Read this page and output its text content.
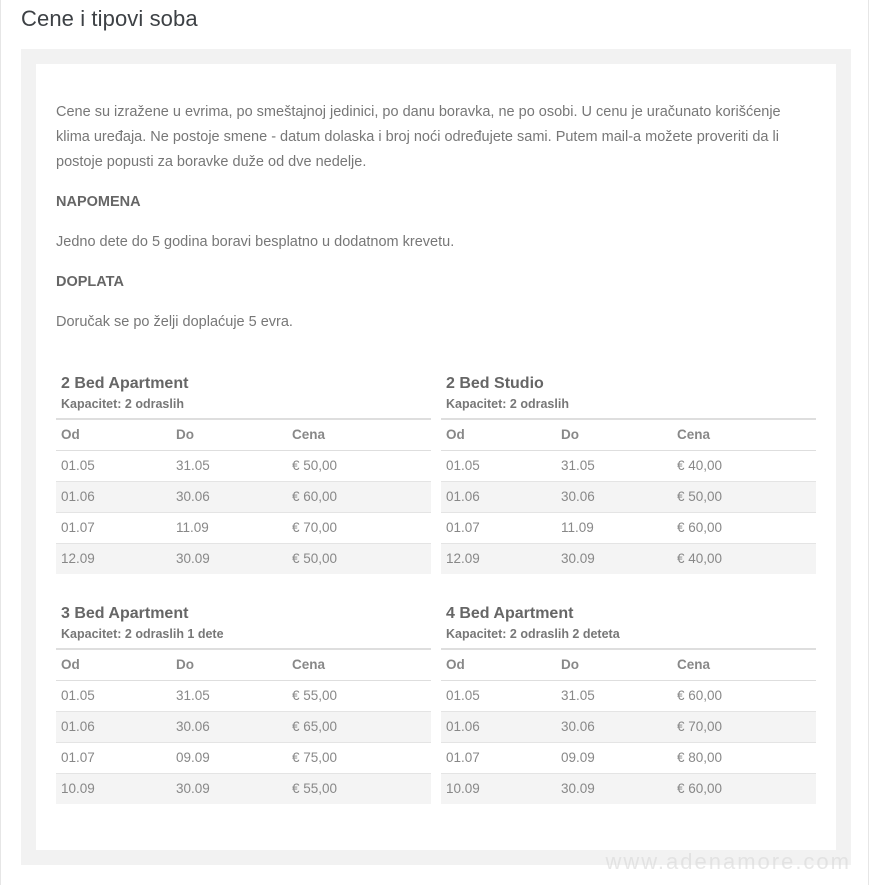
Cene i tipovi soba

Cene su izražene u evrima, po smeštajnoj jedinici, po danu boravka, ne po osobi. U cenu je uračunato korišćenje klima uređaja. Ne postoje smene - datum dolaska i broj noći određujete sami. Putem mail-a možete proveriti da li postoje popusti za boravke duže od dve nedelje.

NAPOMENA

Jedno dete do 5 godina boravi besplatno u dodatnom krevetu.

DOPLATA

Doručak se po želji doplaćuje 5 evra.

2 Bed Apartment
Kapacitet: 2 odraslih
Od	Do	Cena
01.05	31.05	€ 50,00
01.06	30.06	€ 60,00
01.07	11.09	€ 70,00
12.09	30.09	€ 50,00
2 Bed Studio
Kapacitet: 2 odraslih
Od	Do	Cena
01.05	31.05	€ 40,00
01.06	30.06	€ 50,00
01.07	11.09	€ 60,00
12.09	30.09	€ 40,00
3 Bed Apartment
Kapacitet: 2 odraslih 1 dete
Od	Do	Cena
01.05	31.05	€ 55,00
01.06	30.06	€ 65,00
01.07	09.09	€ 75,00
10.09	30.09	€ 55,00
4 Bed Apartment
Kapacitet: 2 odraslih 2 deteta
Od	Do	Cena
01.05	31.05	€ 60,00
01.06	30.06	€ 70,00
01.07	09.09	€ 80,00
10.09	30.09	€ 60,00
www.adenamore.com
